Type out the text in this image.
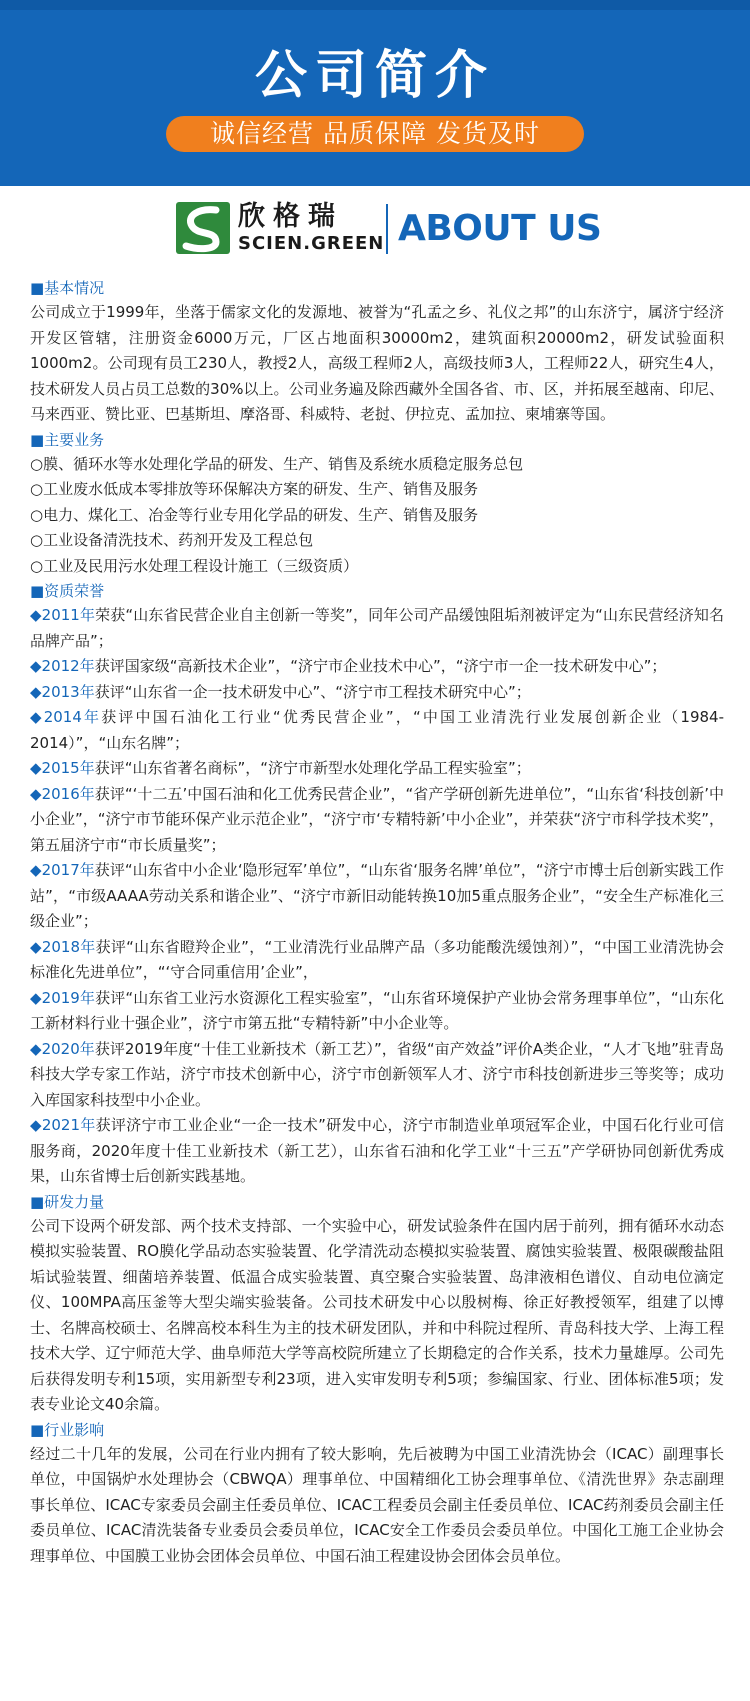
公司简介
诚信经营 品质保障 发货及时
欣格瑞
SCIEN.GREEN ABOUT US
■基本情况
公司成立于1999年，坐落于儒家文化的发源地、被誉为“孔孟之乡、礼仪之邦”的山东济宁，属济宁经济开发区管辖，注册资金6000万元，厂区占地面积30000m2，建筑面积20000m2，研发试验面积1000m2。公司现有员工230人，教授2人，高级工程师2人，高级技师3人，工程师22人，研究生4人，技术研发人员占员工总数的30%以上。公司业务遍及除西藏外全国各省、市、区，并拓展至越南、印尼、马来西亚、赞比亚、巴基斯坦、摩洛哥、科威特、老挝、伊拉克、孟加拉、柬埔寨等国。
■主要业务
○膜、循环水等水处理化学品的研发、生产、销售及系统水质稳定服务总包
○工业废水低成本零排放等环保解决方案的研发、生产、销售及服务
○电力、煤化工、冶金等行业专用化学品的研发、生产、销售及服务
○工业设备清洗技术、药剂开发及工程总包
○工业及民用污水处理工程设计施工（三级资质）
■资质荣誉
◆2011年荣获“山东省民营企业自主创新一等奖”，同年公司产品缓蚀阻垢剂被评定为“山东民营经济知名品牌产品”；
◆2012年获评国家级“高新技术企业”，“济宁市企业技术中心”，“济宁市一企一技术研发中心”；
◆2013年获评“山东省一企一技术研发中心”、“济宁市工程技术研究中心”；
◆2014年获评中国石油化工行业“优秀民营企业”，“中国工业清洗行业发展创新企业（1984-2014）”，“山东名牌”；
◆2015年获评“山东省著名商标”，“济宁市新型水处理化学品工程实验室”；
◆2016年获评“‘十二五’中国石油和化工优秀民营企业”，“省产学研创新先进单位”，“山东省‘科技创新’中小企业”，“济宁市节能环保产业示范企业”，“济宁市‘专精特新’中小企业”，并荣获“济宁市科学技术奖”，第五届济宁市“市长质量奖”；
◆2017年获评“山东省中小企业‘隐形冠军’单位”，“山东省‘服务名牌’单位”，“济宁市博士后创新实践工作站”，“市级AAAA劳动关系和谐企业”、“济宁市新旧动能转换10加5重点服务企业”，“安全生产标准化三级企业”；
◆2018年获评“山东省瞪羚企业”，“工业清洗行业品牌产品（多功能酸洗缓蚀剂）”，“中国工业清洗协会标准化先进单位”，“‘守合同重信用’企业”，
◆2019年获评“山东省工业污水资源化工程实验室”，“山东省环境保护产业协会常务理事单位”，“山东化工新材料行业十强企业”，济宁市第五批“专精特新”中小企业等。
◆2020年获评2019年度“十佳工业新技术（新工艺）”，省级“亩产效益”评价A类企业，“人才飞地”驻青岛科技大学专家工作站，济宁市技术创新中心，济宁市创新领军人才、济宁市科技创新进步三等奖等；成功入库国家科技型中小企业。
◆2021年获评济宁市工业企业“一企一技术”研发中心，济宁市制造业单项冠军企业，中国石化行业可信服务商，2020年度十佳工业新技术（新工艺），山东省石油和化学工业“十三五”产学研协同创新优秀成果，山东省博士后创新实践基地。
■研发力量
公司下设两个研发部、两个技术支持部、一个实验中心，研发试验条件在国内居于前列，拥有循环水动态模拟实验装置、RO膜化学品动态实验装置、化学清洗动态模拟实验装置、腐蚀实验装置、极限碳酸盐阻垢试验装置、细菌培养装置、低温合成实验装置、真空聚合实验装置、岛津液相色谱仪、自动电位滴定仪、100MPA高压釜等大型尖端实验装备。公司技术研发中心以殷树梅、徐正好教授领军，组建了以博士、名牌高校硕士、名牌高校本科生为主的技术研发团队，并和中科院过程所、青岛科技大学、上海工程技术大学、辽宁师范大学、曲阜师范大学等高校院所建立了长期稳定的合作关系，技术力量雄厚。公司先后获得发明专利15项，实用新型专利23项，进入实审发明专利5项；参编国家、行业、团体标准5项；发表专业论文40余篇。
■行业影响
经过二十几年的发展，公司在行业内拥有了较大影响，先后被聘为中国工业清洗协会（ICAC）副理事长单位，中国锅炉水处理协会（CBWQA）理事单位、中国精细化工协会理事单位、《清洗世界》杂志副理事长单位、ICAC专家委员会副主任委员单位、ICAC工程委员会副主任委员单位、ICAC药剂委员会副主任委员单位、ICAC清洗装备专业委员会委员单位，ICAC安全工作委员会委员单位。中国化工施工企业协会理事单位、中国膜工业协会团体会员单位、中国石油工程建设协会团体会员单位。
